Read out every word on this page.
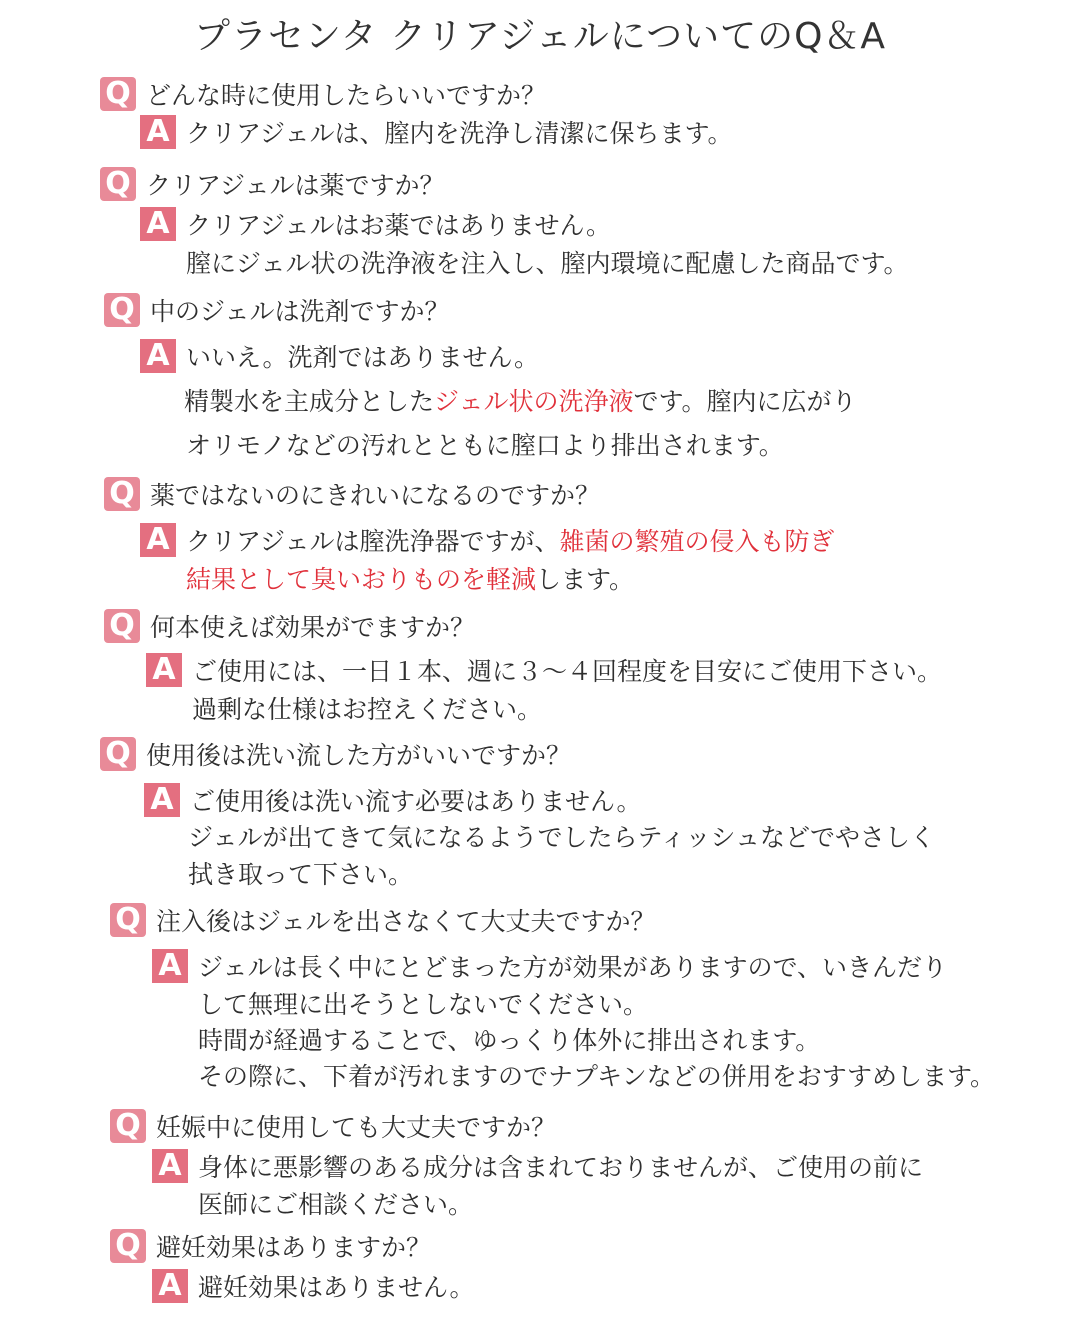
プラセンタ クリアジェルについてのQ＆A
Q どんな時に使用したらいいですか？
A クリアジェルは、膣内を洗浄し清潔に保ちます。
Q クリアジェルは薬ですか？
A クリアジェルはお薬ではありません。
膣にジェル状の洗浄液を注入し、膣内環境に配慮した商品です。
Q 中のジェルは洗剤ですか？
A いいえ。洗剤ではありません。
精製水を主成分としたジェル状の洗浄液です。膣内に広がり
オリモノなどの汚れとともに膣口より排出されます。
Q 薬ではないのにきれいになるのですか？
A クリアジェルは膣洗浄器ですが、雑菌の繁殖の侵入も防ぎ
結果として臭いおりものを軽減します。
Q 何本使えば効果がでますか？
A ご使用には、一日１本、週に３～４回程度を目安にご使用下さい。
過剰な仕様はお控えください。
Q 使用後は洗い流した方がいいですか？
A ご使用後は洗い流す必要はありません。
ジェルが出てきて気になるようでしたらティッシュなどでやさしく
拭き取って下さい。
Q 注入後はジェルを出さなくて大丈夫ですか？
A ジェルは長く中にとどまった方が効果がありますので、いきんだり
して無理に出そうとしないでください。
時間が経過することで、ゆっくり体外に排出されます。
その際に、下着が汚れますのでナプキンなどの併用をおすすめします。
Q 妊娠中に使用しても大丈夫ですか？
A 身体に悪影響のある成分は含まれておりませんが、ご使用の前に
医師にご相談ください。
Q 避妊効果はありますか？
A 避妊効果はありません。
